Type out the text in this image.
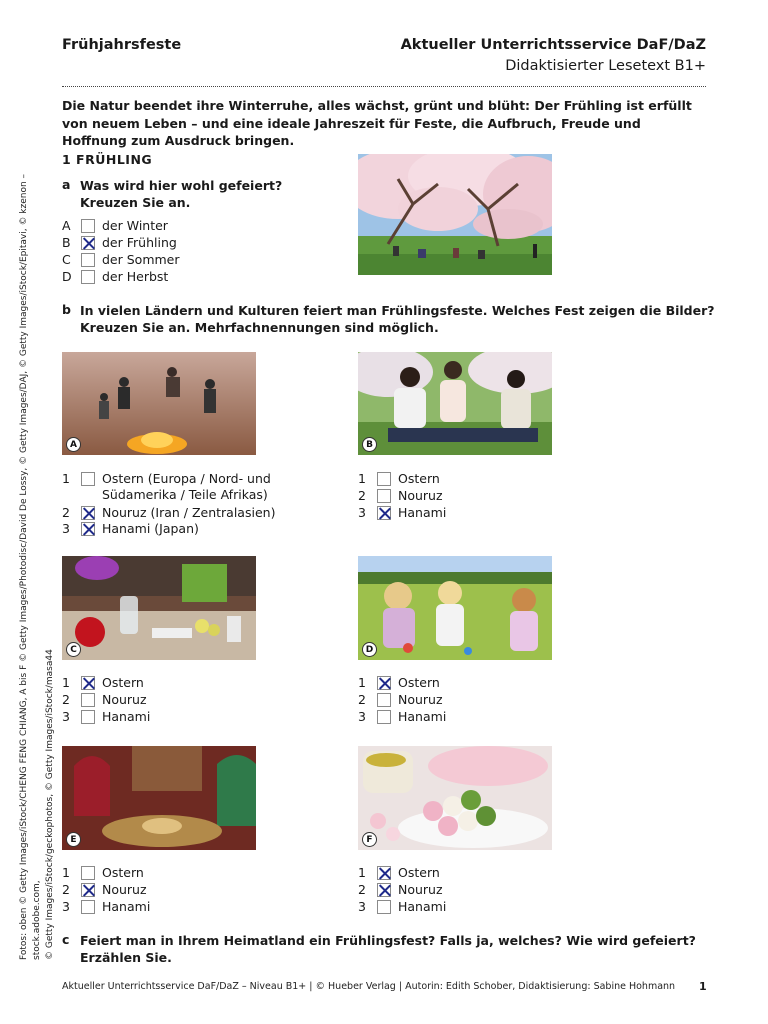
Frühjahrsfeste	Aktueller Unterrichtsservice DaF/DaZ
Didaktisierter Lesetext B1+
Die Natur beendet ihre Winterruhe, alles wächst, grünt und blüht: Der Frühling ist erfüllt von neuem Leben – und eine ideale Jahreszeit für Feste, die Aufbruch, Freude und Hoffnung zum Ausdruck bringen.
1 FRÜHLING
a Was wird hier wohl gefeiert?
Kreuzen Sie an.
A	der Winter
B	der Frühling
C	der Sommer
D	der Herbst
b In vielen Ländern und Kulturen feiert man Frühlingsfeste. Welches Fest zeigen die Bilder?
Kreuzen Sie an. Mehrfachnennungen sind möglich.
A	B
1	Ostern (Europa / Nord- und
Südamerika / Teile Afrikas)
2	Nouruz (Iran / Zentralasien)
3	Hanami (Japan)
1	Ostern
2	Nouruz
3	Hanami
C	D
1	Ostern
2	Nouruz
3	Hanami
1	Ostern
2	Nouruz
3	Hanami
E	F
1	Ostern
2	Nouruz
3	Hanami
1	Ostern
2	Nouruz
3	Hanami
c Feiert man in Ihrem Heimatland ein Frühlingsfest? Falls ja, welches? Wie wird gefeiert?
Erzählen Sie.
Fotos: oben © Getty Images/iStock/CHENG FENG CHIANG, A bis F © Getty Images/Photodisc/David De Lossy, © Getty Images/DAJ, © Getty Images/iStock/Epitavi, © kzenon – stock.adobe.com, © Getty Images/iStock/geckophotos, © Getty Images/iStock/masa44
Aktueller Unterrichtsservice DaF/DaZ – Niveau B1+ | © Hueber Verlag | Autorin: Edith Schober, Didaktisierung: Sabine Hohmann 1
